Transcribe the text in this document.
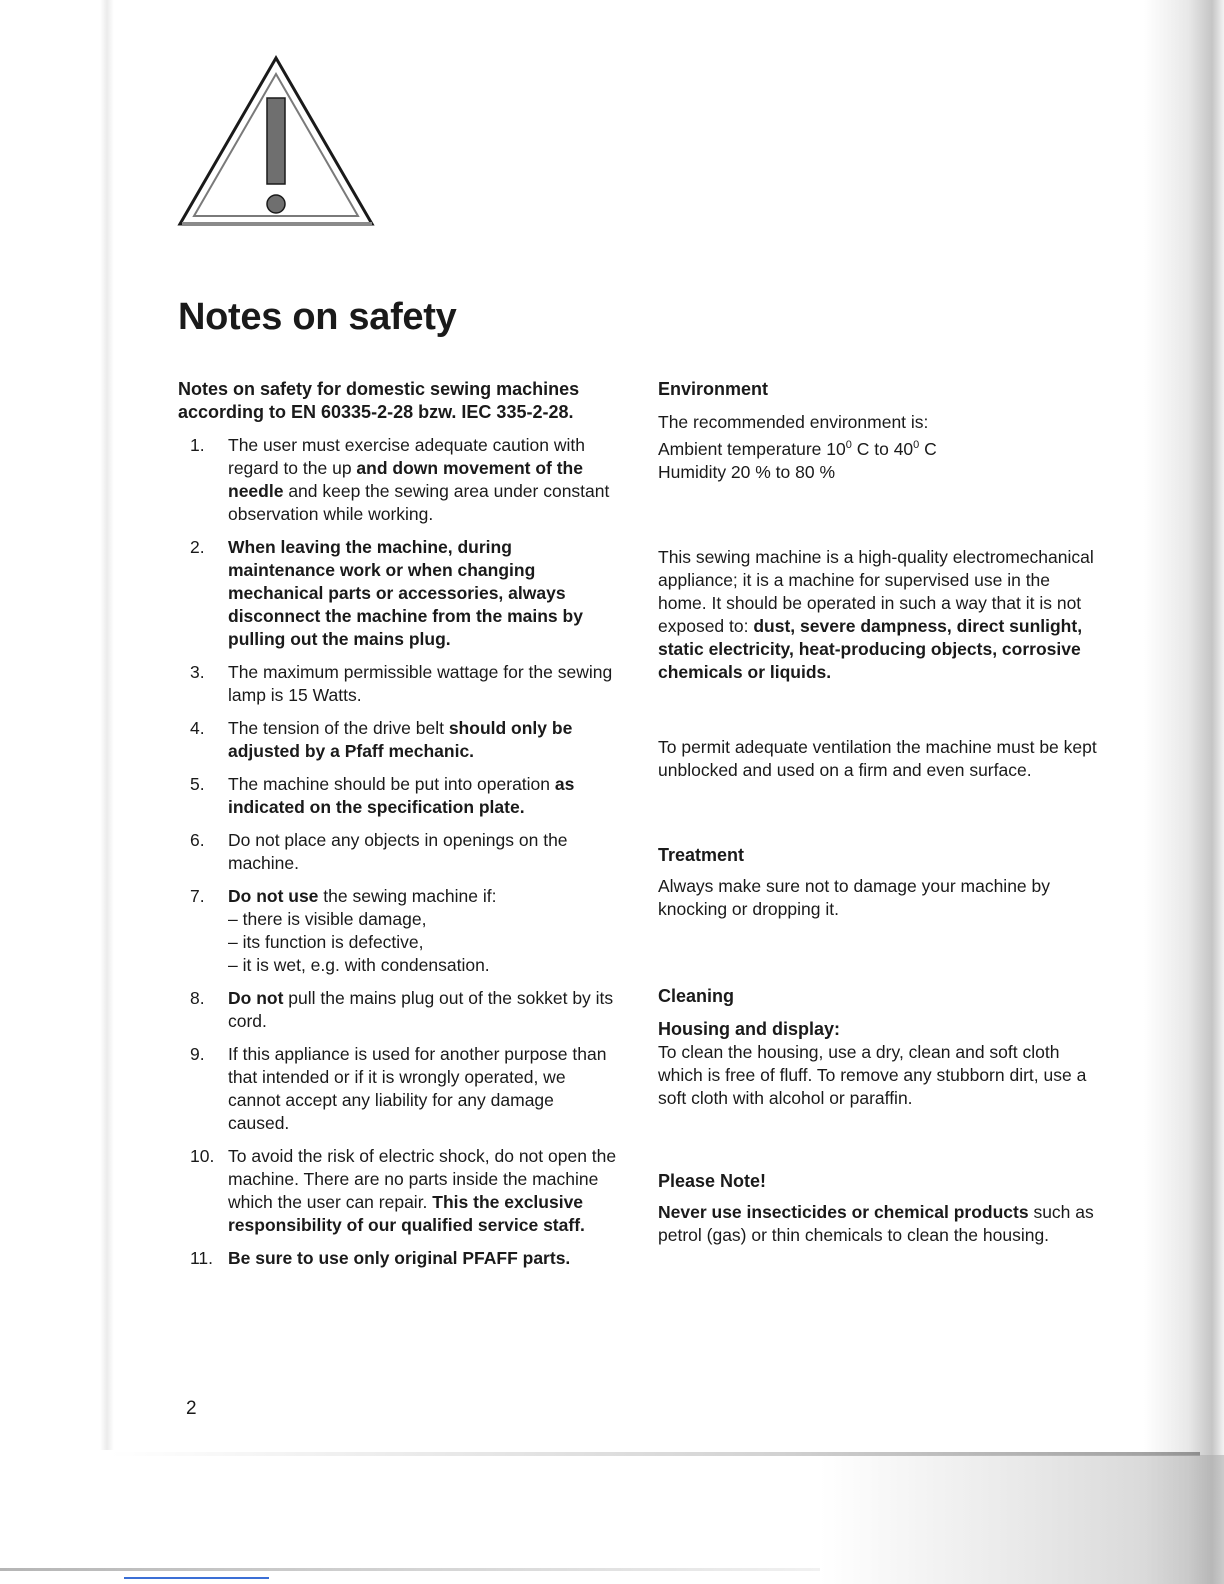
Notes on safety

Notes on safety for domestic sewing machines according to EN 60335-2-28 bzw. IEC 335-2-28.

1.	The user must exercise adequate caution with regard to the up and down movement of the needle and keep the sewing area under constant observation while working.
2.	When leaving the machine, during maintenance work or when changing mechanical parts or accessories, always disconnect the machine from the mains by pulling out the mains plug.
3.	The maximum permissible wattage for the sewing lamp is 15 Watts.
4.	The tension of the drive belt should only be adjusted by a Pfaff mechanic.
5.	The machine should be put into operation as indicated on the specification plate.
6.	Do not place any objects in openings on the machine.
7.	Do not use the sewing machine if:
– there is visible damage,
– its function is defective,
– it is wet, e.g. with condensation.
8.	Do not pull the mains plug out of the sokket by its cord.
9.	If this appliance is used for another purpose than that intended or if it is wrongly operated, we cannot accept any liability for any damage caused.
10. To avoid the risk of electric shock, do not open the machine. There are no parts inside the machine which the user can repair. This the exclusive responsibility of our qualified service staff.
11. Be sure to use only original PFAFF parts.
Environment

The recommended environment is:

Ambient temperature $10^0$ C to $40^0$ C

Humidity 20 % to 80 %

This sewing machine is a high-quality electromechanical appliance; it is a machine for supervised use in the home. It should be operated in such a way that it is not exposed to: dust, severe dampness, direct sunlight, static electricity, heat-producing objects, corrosive chemicals or liquids.

To permit adequate ventilation the machine must be kept unblocked and used on a firm and even surface.

Treatment

Always make sure not to damage your machine by knocking or dropping it.

Cleaning
Housing and display:

To clean the housing, use a dry, clean and soft cloth which is free of fluff. To remove any stubborn dirt, use a soft cloth with alcohol or paraffin.

Please Note!

Never use insecticides or chemical products such as petrol (gas) or thin chemicals to clean the housing.

2
